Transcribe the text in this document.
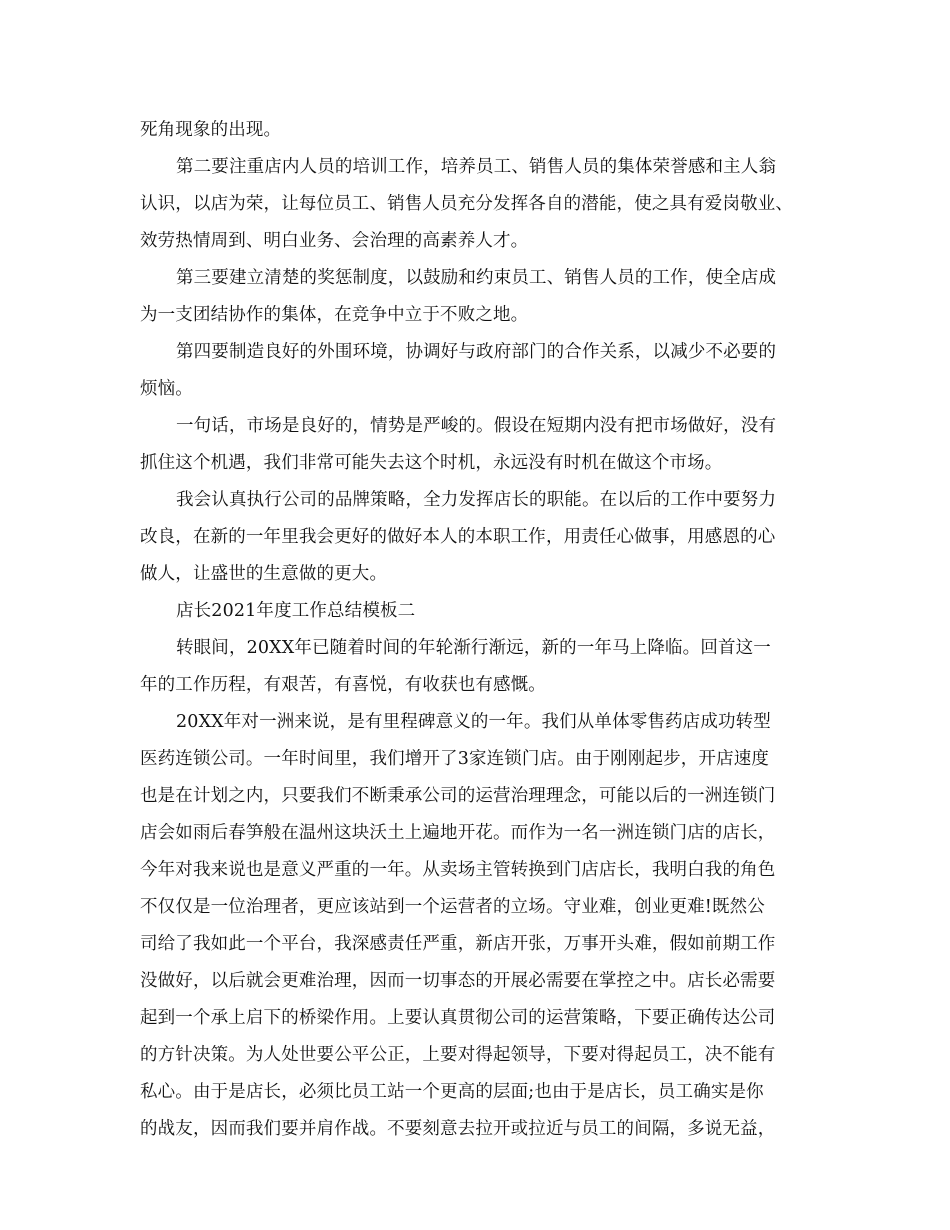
死角现象的出现。
第二要注重店内人员的培训工作，培养员工、销售人员的集体荣誉感和主人翁
认识，以店为荣，让每位员工、销售人员充分发挥各自的潜能，使之具有爱岗敬业、
效劳热情周到、明白业务、会治理的高素养人才。
第三要建立清楚的奖惩制度，以鼓励和约束员工、销售人员的工作，使全店成
为一支团结协作的集体，在竞争中立于不败之地。
第四要制造良好的外围环境，协调好与政府部门的合作关系，以减少不必要的
烦恼。
一句话，市场是良好的，情势是严峻的。假设在短期内没有把市场做好，没有
抓住这个机遇，我们非常可能失去这个时机，永远没有时机在做这个市场。
我会认真执行公司的品牌策略，全力发挥店长的职能。在以后的工作中要努力
改良，在新的一年里我会更好的做好本人的本职工作，用责任心做事，用感恩的心
做人，让盛世的生意做的更大。
店长2021年度工作总结模板二
转眼间，20XX年已随着时间的年轮渐行渐远，新的一年马上降临。回首这一
年的工作历程，有艰苦，有喜悦，有收获也有感慨。
20XX年对一洲来说，是有里程碑意义的一年。我们从单体零售药店成功转型
医药连锁公司。一年时间里，我们增开了3家连锁门店。由于刚刚起步，开店速度
也是在计划之内，只要我们不断秉承公司的运营治理理念，可能以后的一洲连锁门
店会如雨后春笋般在温州这块沃土上遍地开花。而作为一名一洲连锁门店的店长，
今年对我来说也是意义严重的一年。从卖场主管转换到门店店长，我明白我的角色
不仅仅是一位治理者，更应该站到一个运营者的立场。守业难，创业更难!既然公
司给了我如此一个平台，我深感责任严重，新店开张，万事开头难，假如前期工作
没做好，以后就会更难治理，因而一切事态的开展必需要在掌控之中。店长必需要
起到一个承上启下的桥梁作用。上要认真贯彻公司的运营策略，下要正确传达公司
的方针决策。为人处世要公平公正，上要对得起领导，下要对得起员工，决不能有
私心。由于是店长，必须比员工站一个更高的层面;也由于是店长，员工确实是你
的战友，因而我们要并肩作战。不要刻意去拉开或拉近与员工的间隔，多说无益，
